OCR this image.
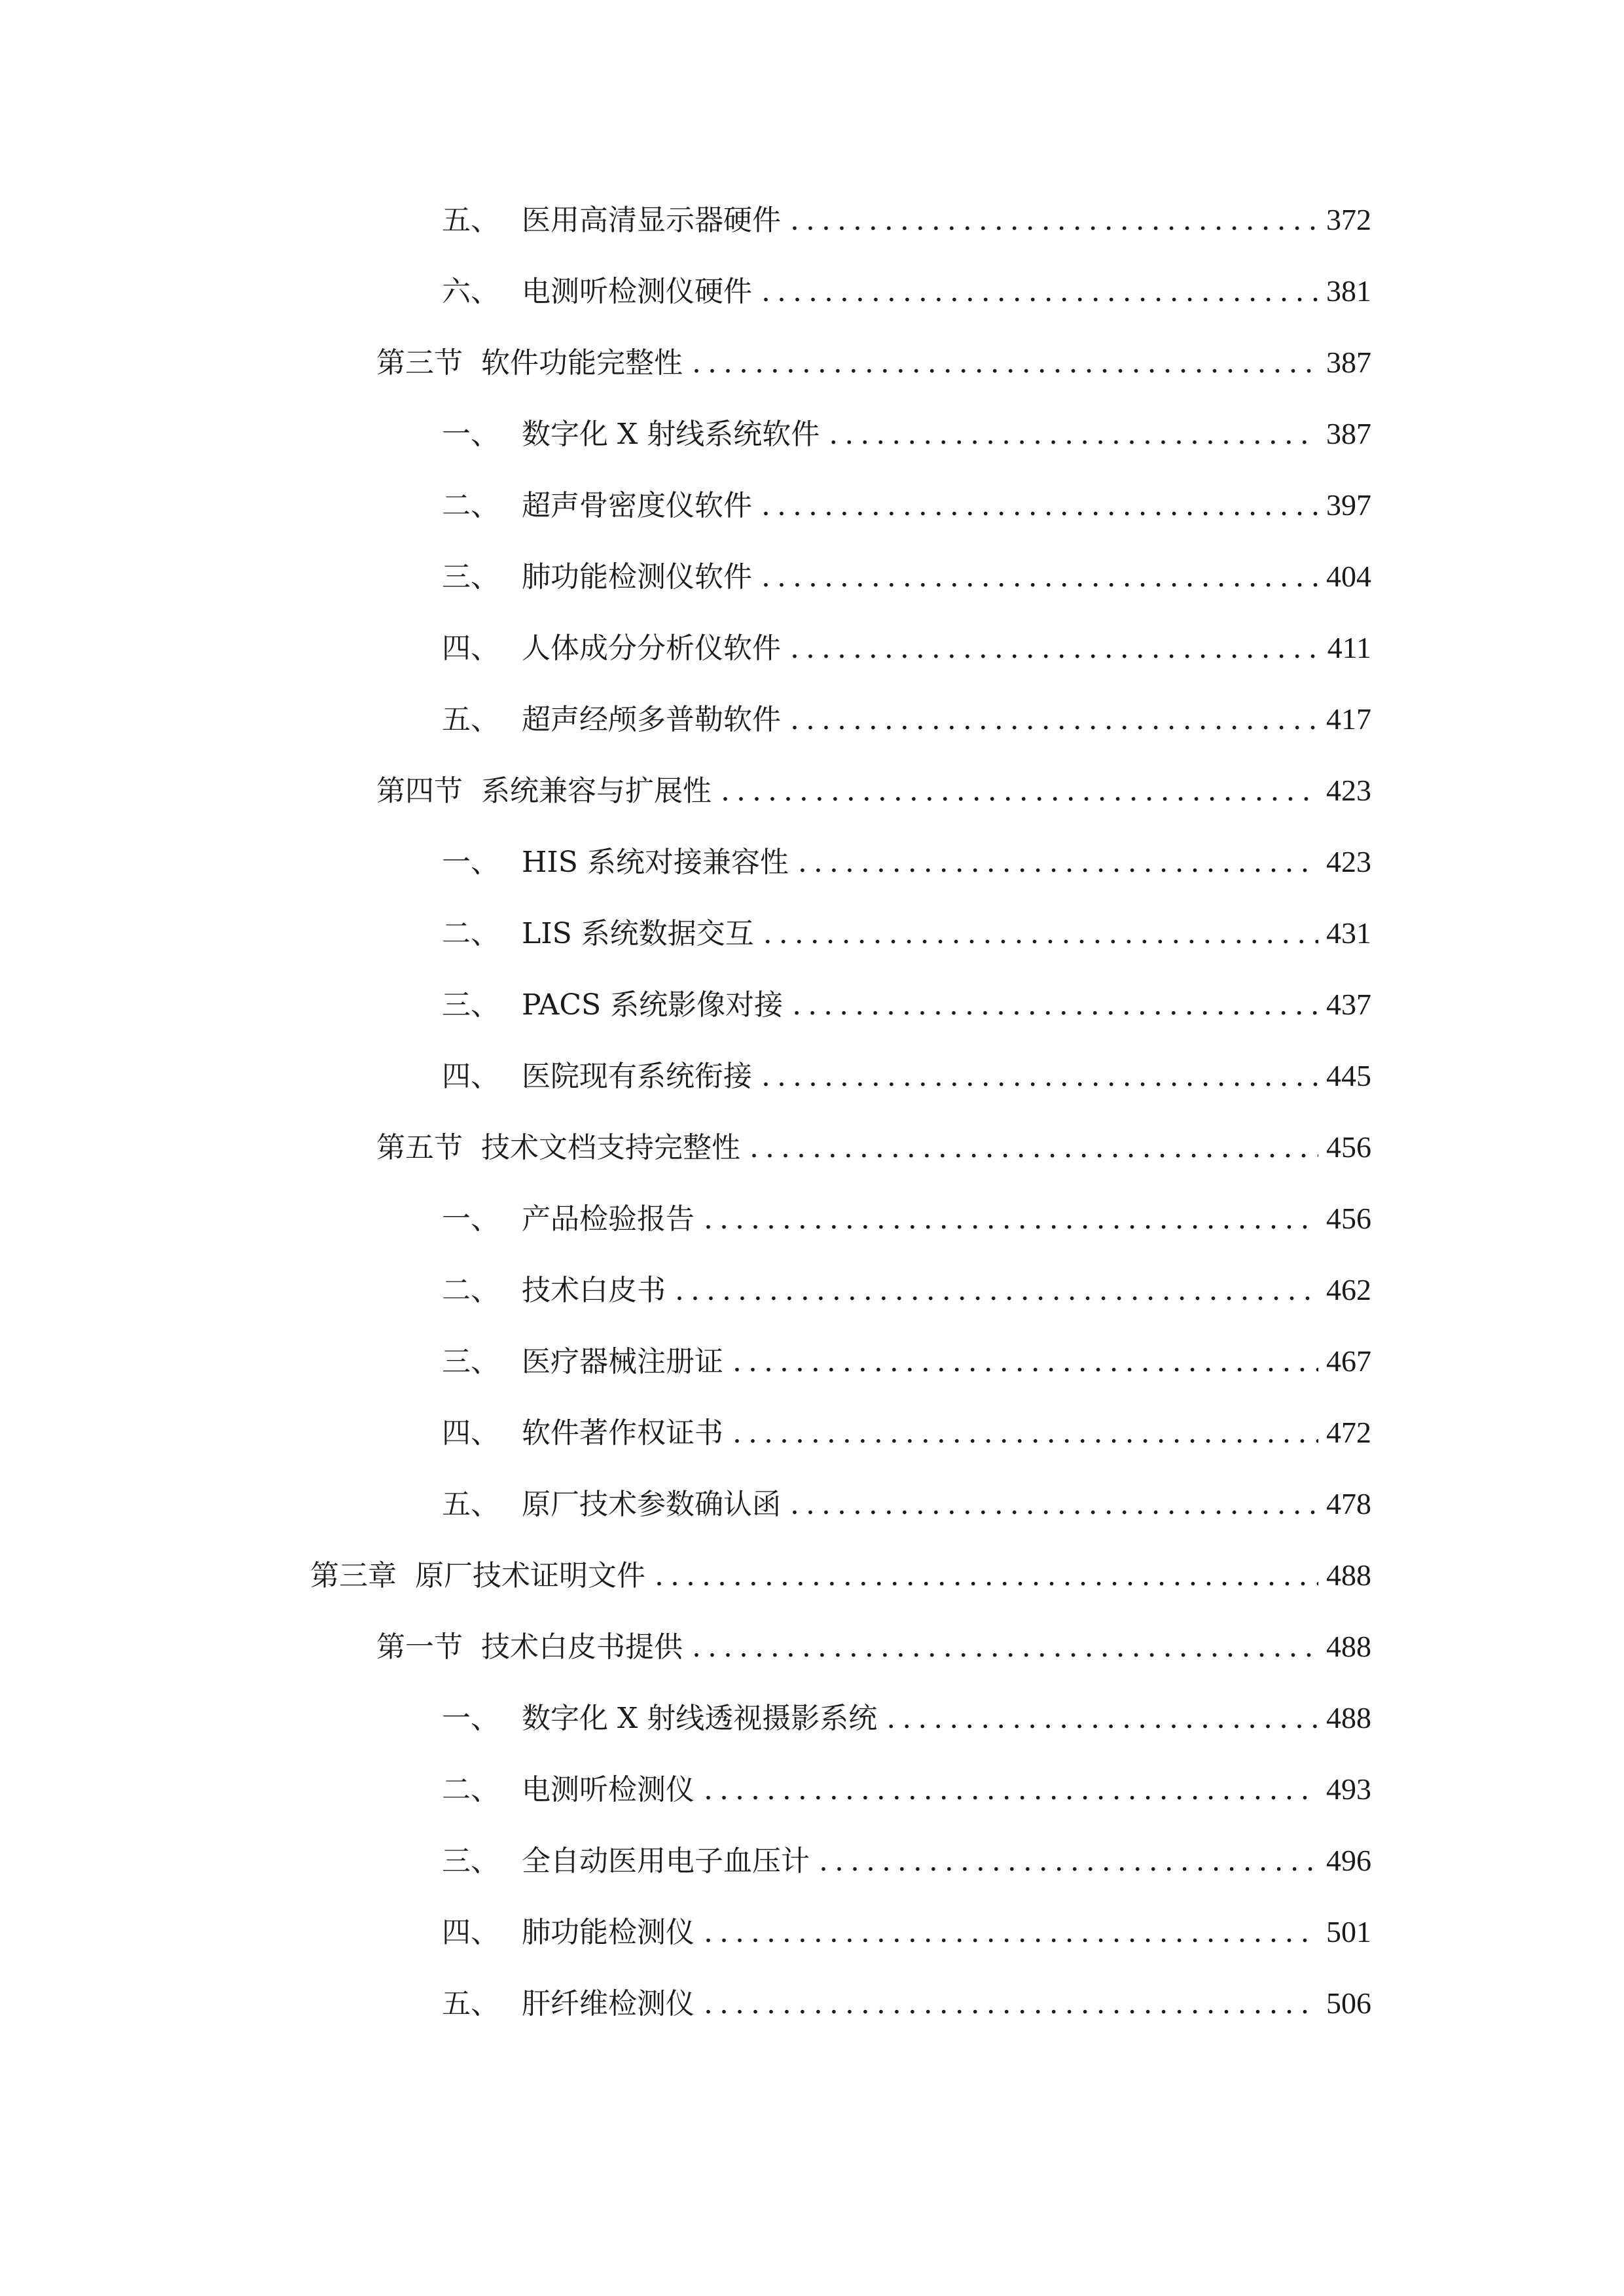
五、 医用高清显示器硬件 .....	372
六、 电测听检测仪硬件 .....	381
第三节 软件功能完整性 .....	387
一、 数字化 X 射线系统软件 .....	387
二、 超声骨密度仪软件 .....	397
三、 肺功能检测仪软件 .....	404
四、 人体成分分析仪软件 .....	411
五、 超声经颅多普勒软件 .....	417
第四节 系统兼容与扩展性 .....	423
一、 HIS 系统对接兼容性 .....	423
二、 LIS 系统数据交互 .....	431
三、 PACS 系统影像对接 .....	437
四、 医院现有系统衔接 .....	445
第五节 技术文档支持完整性 .....	456
一、 产品检验报告 .....	456
二、 技术白皮书 .....	462
三、 医疗器械注册证 .....	467
四、 软件著作权证书 .....	472
五、 原厂技术参数确认函 .....	478
第三章 原厂技术证明文件 .....	488
第一节 技术白皮书提供 .....	488
一、 数字化 X 射线透视摄影系统 .....	488
二、 电测听检测仪 .....	493
三、 全自动医用电子血压计 .....	496
四、 肺功能检测仪 .....	501
五、 肝纤维检测仪 .....	506
